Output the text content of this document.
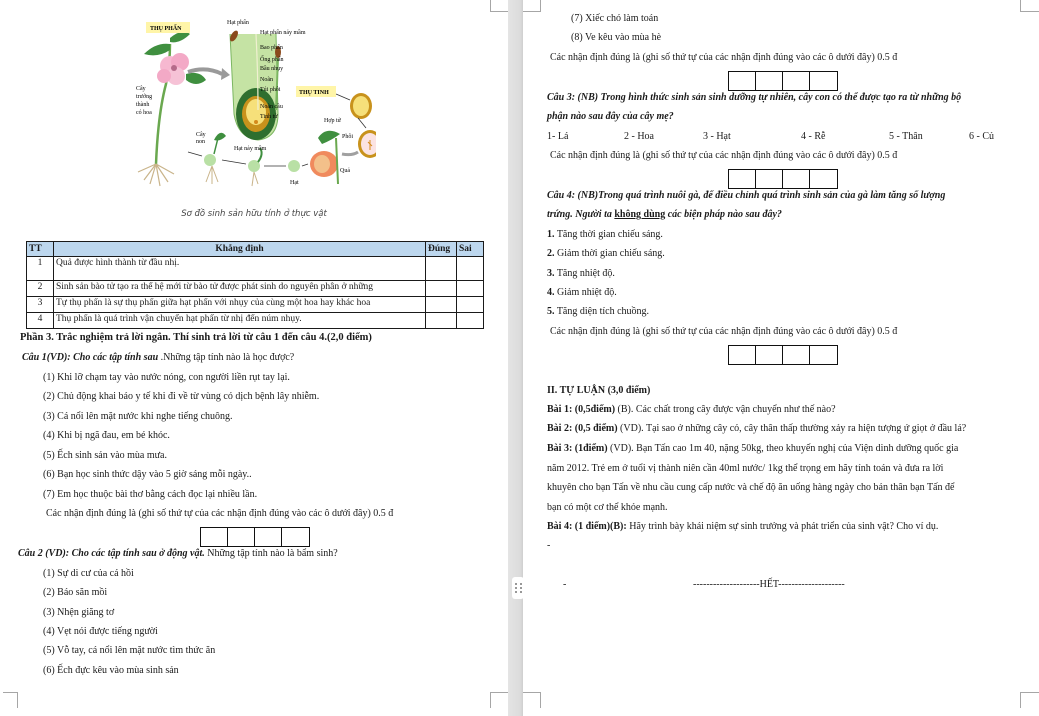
THỤ PHẤN
THỤ TINH
Hạt phấn
Hạt phấn nảy mầm
Bao phấn
Ống phấn
Bầu nhụy
Noãn
Túi phôi
Noãn cầu
Tinh tử
Cây
trưởng
thành
có hoa
Hợp tử
Phôi
Cây
non
Hạt nảy mầm
Hạt
Quả
Sơ đồ sinh sản hữu tính ở thực vật
TT	Khẳng định	Đúng	Sai
1	Quả được hình thành từ đầu nhị.		
2	Sinh sản bào tử tạo ra thế hệ mới từ bào tử được phát sinh do nguyên phân ở những		
3	Tự thụ phấn là sự thụ phấn giữa hạt phấn với nhụy của cùng một hoa hay khác hoa		
4	Thụ phấn là quá trình vận chuyển hạt phấn từ nhị đến núm nhụy.		
Phần 3. Trắc nghiệm trả lời ngắn. Thí sinh trả lời từ câu 1 đến câu 4.(2,0 điểm)
Câu 1(VD): Cho các tập tính sau .Những tập tính nào là học được?
(1) Khi lỡ chạm tay vào nước nóng, con người liền rụt tay lại.
(2) Chủ động khai báo y tế khi đi về từ vùng có dịch bệnh lây nhiễm.
(3) Cá nổi lên mặt nước khi nghe tiếng chuông.
(4) Khi bị ngã đau, em bé khóc.
(5) Ếch sinh sản vào mùa mưa.
(6) Bạn học sinh thức dậy vào 5 giờ sáng mỗi ngày..
(7) Em học thuộc bài thơ bằng cách đọc lại nhiều lần.
Các nhận định đúng là (ghi số thứ tự của các nhận định đúng vào các ô dưới đây) 0.5 đ
Câu 2 (VD): Cho các tập tính sau ở động vật. Những tập tính nào là bẩm sinh?
(1) Sự di cư của cá hồi
(2) Báo săn mồi
(3) Nhện giăng tơ
(4) Vẹt nói được tiếng người
(5) Vỗ tay, cá nổi lên mặt nước tìm thức ăn
(6) Ếch đực kêu vào mùa sinh sản
(7) Xiếc chó làm toán
(8) Ve kêu vào mùa hè
Các nhận định đúng là (ghi số thứ tự của các nhận định đúng vào các ô dưới đây) 0.5 đ
Câu 3: (NB) Trong hình thức sinh sản sinh dưỡng tự nhiên, cây con có thể được tạo ra từ những bộ
phận nào sau đây của cây mẹ?
1- Lá	2 - Hoa	3 - Hạt	4 - Rễ	5 - Thân	6 - Củ
Các nhận định đúng là (ghi số thứ tự của các nhận định đúng vào các ô dưới đây) 0.5 đ
Câu 4: (NB)Trong quá trình nuôi gà, để điều chỉnh quá trình sinh sản của gà làm tăng số lượng
trứng. Người ta không dùng các biện pháp nào sau đây?
1. Tăng thời gian chiếu sáng.
2. Giảm thời gian chiếu sáng.
3. Tăng nhiệt độ.
4. Giảm nhiệt độ.
5. Tăng diện tích chuồng.
Các nhận định đúng là (ghi số thứ tự của các nhận định đúng vào các ô dưới đây) 0.5 đ
II. TỰ LUẬN (3,0 điểm)
Bài 1: (0,5điểm) (B). Các chất trong cây được vận chuyển như thế nào?
Bài 2: (0,5 điểm) (VD). Tại sao ở những cây cỏ, cây thân thấp thường xảy ra hiện tượng ứ giọt ở đầu lá?
Bài 3: (1điểm) (VD). Bạn Tấn cao 1m 40, nặng 50kg, theo khuyến nghị của Viện dinh dưỡng quốc gia
năm 2012. Trẻ em ở tuổi vị thành niên cần 40ml nước/ 1kg thể trọng em hãy tính toán và đưa ra lời
khuyên cho bạn Tấn về nhu cầu cung cấp nước và chế độ ăn uống hàng ngày cho bản thân bạn Tấn để
bạn có một cơ thể khỏe mạnh.
Bài 4: (1 điểm)(B): Hãy trình bày khái niệm sự sinh trưởng và phát triển của sinh vật? Cho ví dụ.
-
-	--------------------HẾT--------------------
